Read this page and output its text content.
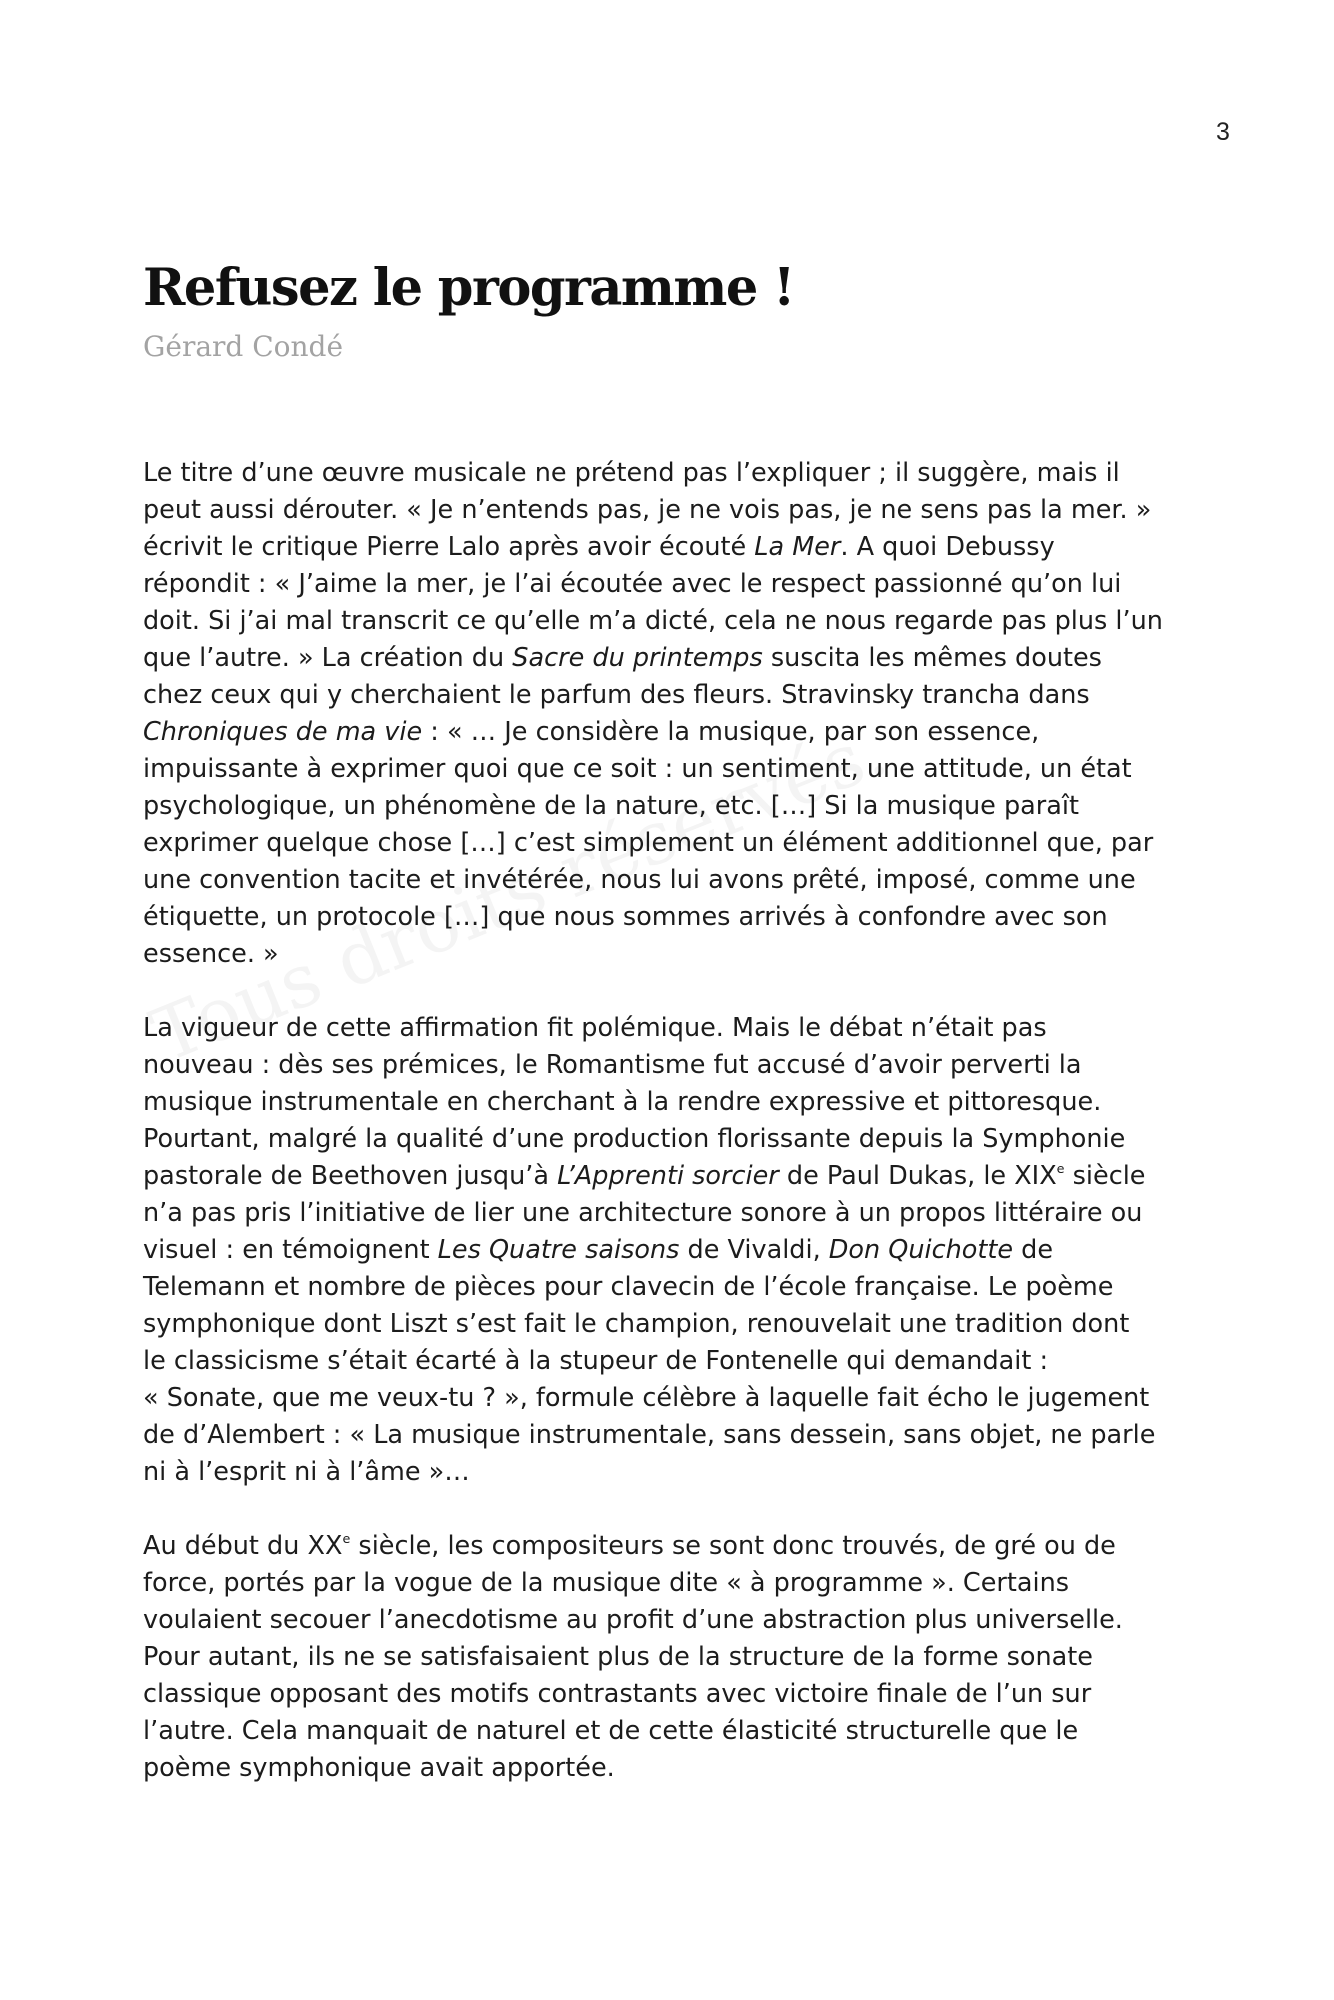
3
Refusez le programme !
Gérard Condé

Le titre d’une œuvre musicale ne prétend pas l’expliquer ; il suggère, mais il
peut aussi dérouter. « Je n’entends pas, je ne vois pas, je ne sens pas la mer. »
écrivit le critique Pierre Lalo après avoir écouté La Mer. A quoi Debussy
répondit : « J’aime la mer, je l’ai écoutée avec le respect passionné qu’on lui
doit. Si j’ai mal transcrit ce qu’elle m’a dicté, cela ne nous regarde pas plus l’un
que l’autre. » La création du Sacre du printemps suscita les mêmes doutes
chez ceux qui y cherchaient le parfum des fleurs. Stravinsky trancha dans
Chroniques de ma vie : « … Je considère la musique, par son essence,
impuissante à exprimer quoi que ce soit : un sentiment, une attitude, un état
psychologique, un phénomène de la nature, etc. […] Si la musique paraît
exprimer quelque chose […] c’est simplement un élément additionnel que, par
une convention tacite et invétérée, nous lui avons prêté, imposé, comme une
étiquette, un protocole […] que nous sommes arrivés à confondre avec son
essence. »

La vigueur de cette affirmation fit polémique. Mais le débat n’était pas
nouveau : dès ses prémices, le Romantisme fut accusé d’avoir perverti la
musique instrumentale en cherchant à la rendre expressive et pittoresque.
Pourtant, malgré la qualité d’une production florissante depuis la Symphonie
pastorale de Beethoven jusqu’à L’Apprenti sorcier de Paul Dukas, le XIXe siècle
n’a pas pris l’initiative de lier une architecture sonore à un propos littéraire ou
visuel : en témoignent Les Quatre saisons de Vivaldi, Don Quichotte de
Telemann et nombre de pièces pour clavecin de l’école française. Le poème
symphonique dont Liszt s’est fait le champion, renouvelait une tradition dont
le classicisme s’était écarté à la stupeur de Fontenelle qui demandait :
« Sonate, que me veux-tu ? », formule célèbre à laquelle fait écho le jugement
de d’Alembert : « La musique instrumentale, sans dessein, sans objet, ne parle
ni à l’esprit ni à l’âme »…

Au début du XXe siècle, les compositeurs se sont donc trouvés, de gré ou de
force, portés par la vogue de la musique dite « à programme ». Certains
voulaient secouer l’anecdotisme au profit d’une abstraction plus universelle.
Pour autant, ils ne se satisfaisaient plus de la structure de la forme sonate
classique opposant des motifs contrastants avec victoire finale de l’un sur
l’autre. Cela manquait de naturel et de cette élasticité structurelle que le
poème symphonique avait apportée.
